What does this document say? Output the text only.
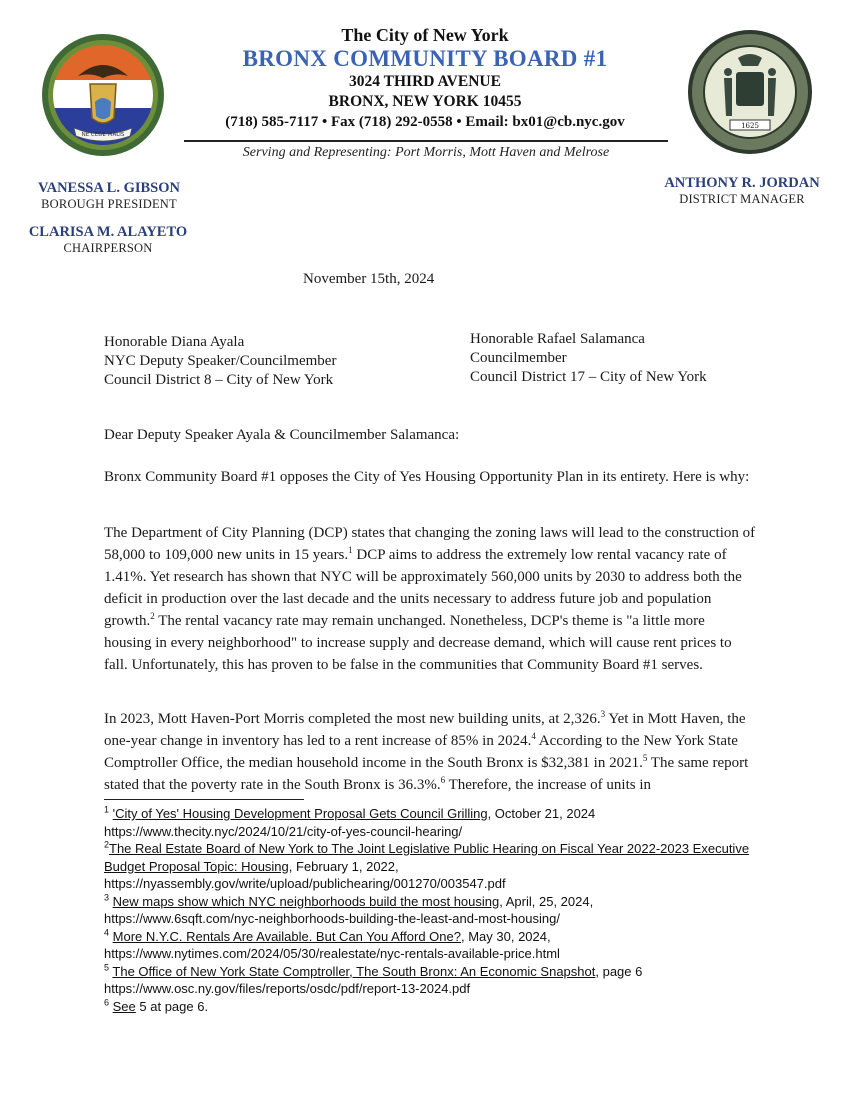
NE CEDE MALIS
1625
The City of New York
BRONX COMMUNITY BOARD #1
3024 THIRD AVENUE
BRONX, NEW YORK 10455
(718) 585-7117 • Fax (718) 292-0558 • Email: bx01@cb.nyc.gov
Serving and Representing: Port Morris, Mott Haven and Melrose
VANESSA L. GIBSON
BOROUGH PRESIDENT
CLARISA M. ALAYETO
CHAIRPERSON
ANTHONY R. JORDAN
DISTRICT MANAGER
November 15th, 2024
Honorable Diana Ayala
NYC Deputy Speaker/Councilmember
Council District 8 – City of New York
Honorable Rafael Salamanca
Councilmember
Council District 17 – City of New York
Dear Deputy Speaker Ayala & Councilmember Salamanca:
Bronx Community Board #1 opposes the City of Yes Housing Opportunity Plan in its entirety. Here is why:
The Department of City Planning (DCP) states that changing the zoning laws will lead to the construction of 58,000 to 109,000 new units in 15 years.$^1$ DCP aims to address the extremely low rental vacancy rate of 1.41%. Yet research has shown that NYC will be approximately 560,000 units by 2030 to address both the deficit in production over the last decade and the units necessary to address future job and population growth.$^2$ The rental vacancy rate may remain unchanged. Nonetheless, DCP's theme is "a little more housing in every neighborhood" to increase supply and decrease demand, which will cause rent prices to fall. Unfortunately, this has proven to be false in the communities that Community Board #1 serves.
In 2023, Mott Haven-Port Morris completed the most new building units, at 2,326.$^3$ Yet in Mott Haven, the one-year change in inventory has led to a rent increase of 85% in 2024.$^4$ According to the New York State Comptroller Office, the median household income in the South Bronx is $32,381 in 2021.$^5$ The same report stated that the poverty rate in the South Bronx is 36.3%.$^6$ Therefore, the increase of units in
$^1$ 'City of Yes' Housing Development Proposal Gets Council Grilling, October 21, 2024
https://www.thecity.nyc/2024/10/21/city-of-yes-council-hearing/
$^2$The Real Estate Board of New York to The Joint Legislative Public Hearing on Fiscal Year 2022-2023 Executive Budget Proposal Topic: Housing, February 1, 2022,
https://nyassembly.gov/write/upload/publichearing/001270/003547.pdf
$^3$ New maps show which NYC neighborhoods build the most housing, April, 25, 2024,
https://www.6sqft.com/nyc-neighborhoods-building-the-least-and-most-housing/
$^4$ More N.Y.C. Rentals Are Available. But Can You Afford One?, May 30, 2024,
https://www.nytimes.com/2024/05/30/realestate/nyc-rentals-available-price.html
$^5$ The Office of New York State Comptroller, The South Bronx: An Economic Snapshot, page 6
https://www.osc.ny.gov/files/reports/osdc/pdf/report-13-2024.pdf
$^6$ See 5 at page 6.
